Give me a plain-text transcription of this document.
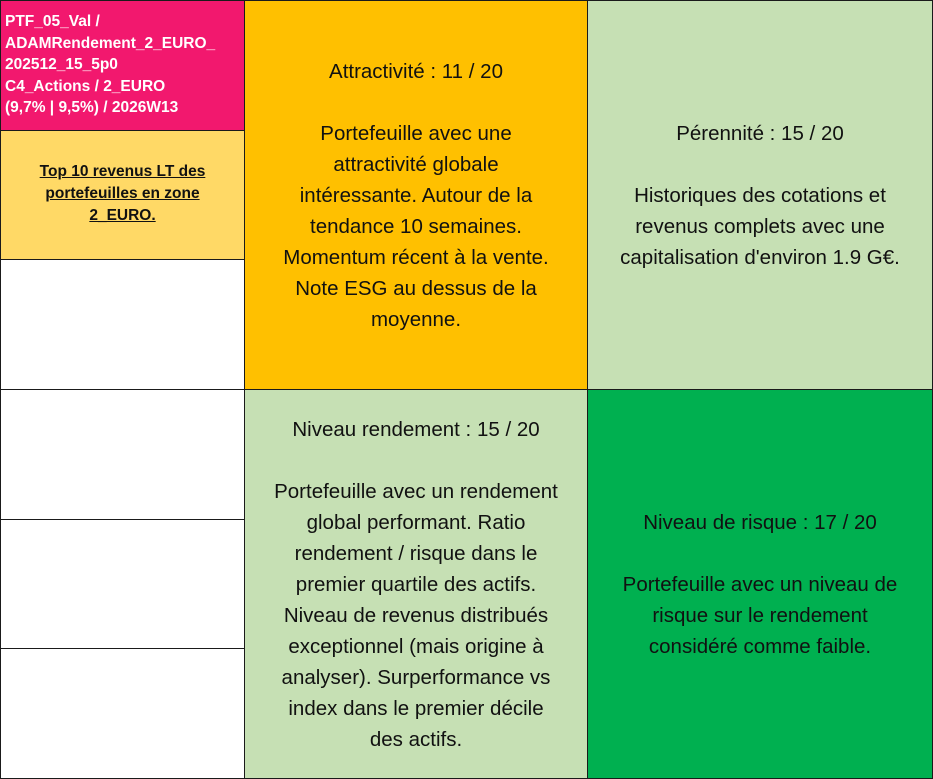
PTF_05_Val /
ADAMRendement_2_EURO_
202512_15_5p0
C4_Actions / 2_EURO
(9,7% | 9,5%) / 2026W13
Top 10 revenus LT des
portefeuilles en zone
2_EURO.
Attractivité : 11 / 20
Portefeuille avec une
attractivité globale
intéressante. Autour de la
tendance 10 semaines.
Momentum récent à la vente.
Note ESG au dessus de la
moyenne.
Pérennité : 15 / 20
Historiques des cotations et
revenus complets avec une
capitalisation d'environ 1.9 G€.
Niveau rendement : 15 / 20
Portefeuille avec un rendement
global performant. Ratio
rendement / risque dans le
premier quartile des actifs.
Niveau de revenus distribués
exceptionnel (mais origine à
analyser). Surperformance vs
index dans le premier décile
des actifs.
Niveau de risque : 17 / 20
Portefeuille avec un niveau de
risque sur le rendement
considéré comme faible.
